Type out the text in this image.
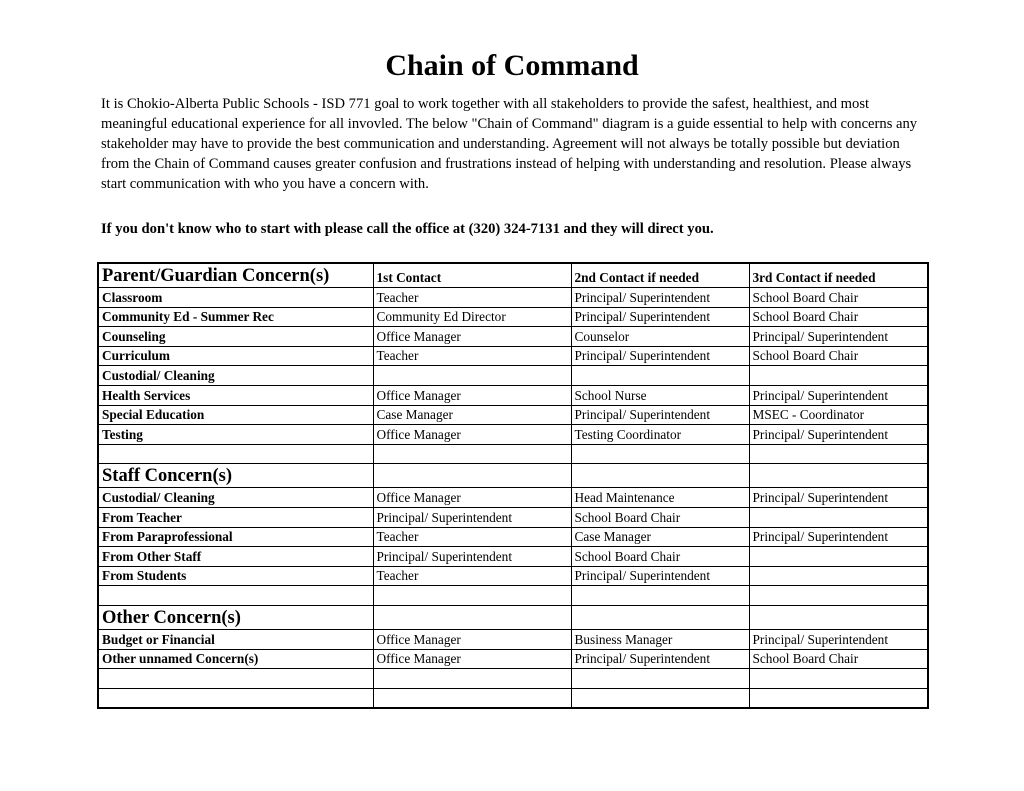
Chain of Command

It is Chokio-Alberta Public Schools - ISD 771 goal to work together with all stakeholders to provide the safest, healthiest, and most meaningful educational experience for all invovled. The below "Chain of Command" diagram is a guide essential to help with concerns any stakeholder may have to provide the best communication and understanding. Agreement will not always be totally possible but deviation from the Chain of Command causes greater confusion and frustrations instead of helping with understanding and resolution. Please always start communication with who you have a concern with.

If you don't know who to start with please call the office at (320) 324-7131 and they will direct you.

Parent/Guardian Concern(s)	1st Contact	2nd Contact if needed	3rd Contact if needed
Classroom	Teacher	Principal/ Superintendent	School Board Chair
Community Ed - Summer Rec	Community Ed Director	Principal/ Superintendent	School Board Chair
Counseling	Office Manager	Counselor	Principal/ Superintendent
Curriculum	Teacher	Principal/ Superintendent	School Board Chair
Custodial/ Cleaning			
Health Services	Office Manager	School Nurse	Principal/ Superintendent
Special Education	Case Manager	Principal/ Superintendent	MSEC - Coordinator
Testing	Office Manager	Testing Coordinator	Principal/ Superintendent

Staff Concern(s)			
Custodial/ Cleaning	Office Manager	Head Maintenance	Principal/ Superintendent
From Teacher	Principal/ Superintendent	School Board Chair	
From Paraprofessional	Teacher	Case Manager	Principal/ Superintendent
From Other Staff	Principal/ Superintendent	School Board Chair	
From Students	Teacher	Principal/ Superintendent	

Other Concern(s)			
Budget or Financial	Office Manager	Business Manager	Principal/ Superintendent
Other unnamed Concern(s)	Office Manager	Principal/ Superintendent	School Board Chair
